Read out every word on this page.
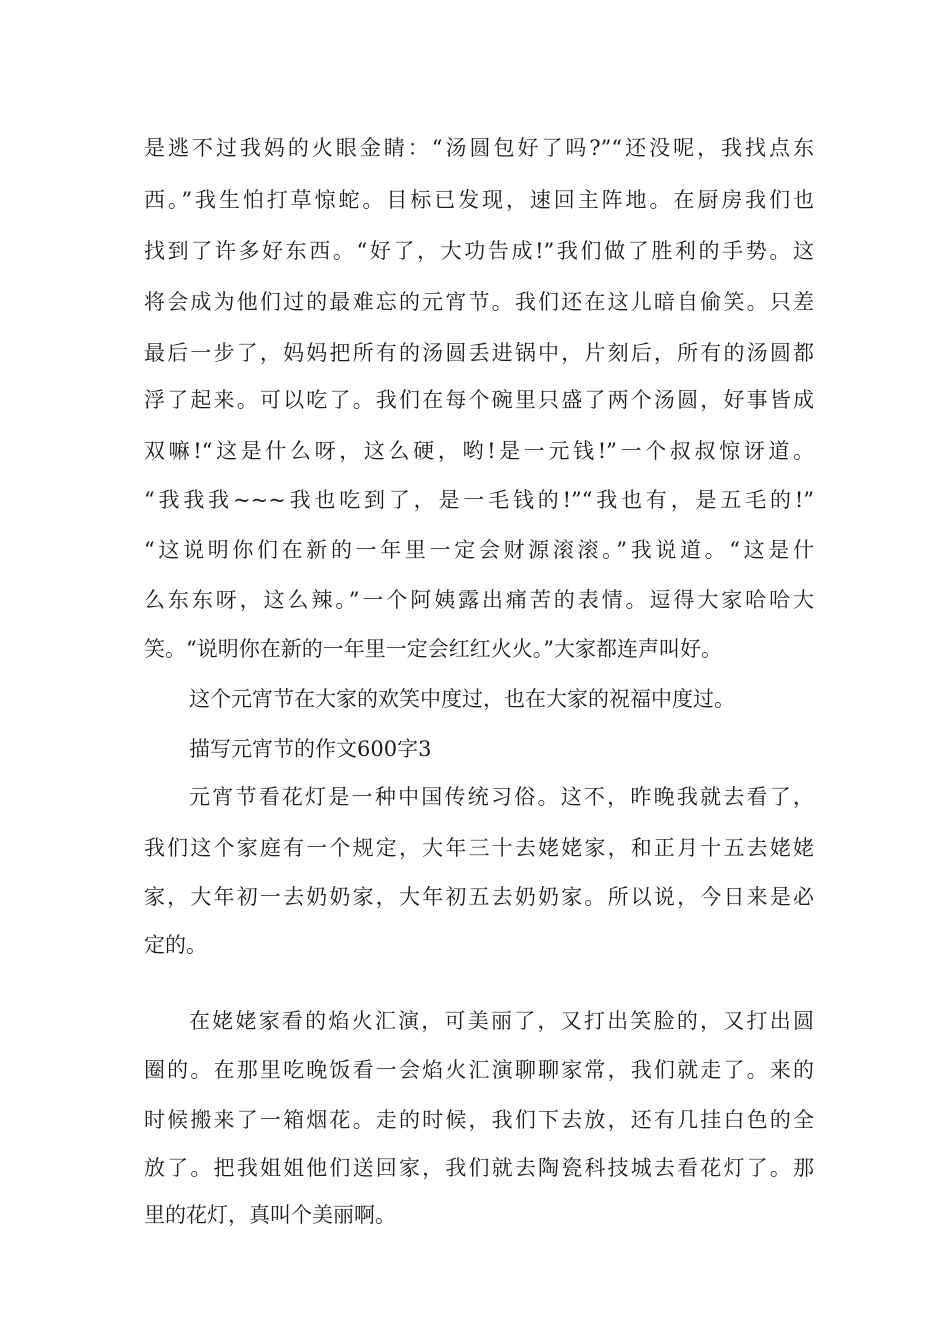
是逃不过我妈的火眼金睛：“汤圆包好了吗?”“还没呢，我找点东
西。”我生怕打草惊蛇。目标已发现，速回主阵地。在厨房我们也
找到了许多好东西。“好了，大功告成!”我们做了胜利的手势。这
将会成为他们过的最难忘的元宵节。我们还在这儿暗自偷笑。只差
最后一步了，妈妈把所有的汤圆丢进锅中，片刻后，所有的汤圆都
浮了起来。可以吃了。我们在每个碗里只盛了两个汤圆，好事皆成
双嘛!“这是什么呀，这么硬，哟!是一元钱!”一个叔叔惊讶道。
“我我我~~~我也吃到了，是一毛钱的!”“我也有，是五毛的!”
“这说明你们在新的一年里一定会财源滚滚。”我说道。“这是什
么东东呀，这么辣。”一个阿姨露出痛苦的表情。逗得大家哈哈大
笑。“说明你在新的一年里一定会红红火火。”大家都连声叫好。
这个元宵节在大家的欢笑中度过，也在大家的祝福中度过。
描写元宵节的作文600字3
元宵节看花灯是一种中国传统习俗。这不，昨晚我就去看了，
我们这个家庭有一个规定，大年三十去姥姥家，和正月十五去姥姥
家，大年初一去奶奶家，大年初五去奶奶家。所以说，今日来是必
定的。
在姥姥家看的焰火汇演，可美丽了，又打出笑脸的，又打出圆
圈的。在那里吃晚饭看一会焰火汇演聊聊家常，我们就走了。来的
时候搬来了一箱烟花。走的时候，我们下去放，还有几挂白色的全
放了。把我姐姐他们送回家，我们就去陶瓷科技城去看花灯了。那
里的花灯，真叫个美丽啊。
